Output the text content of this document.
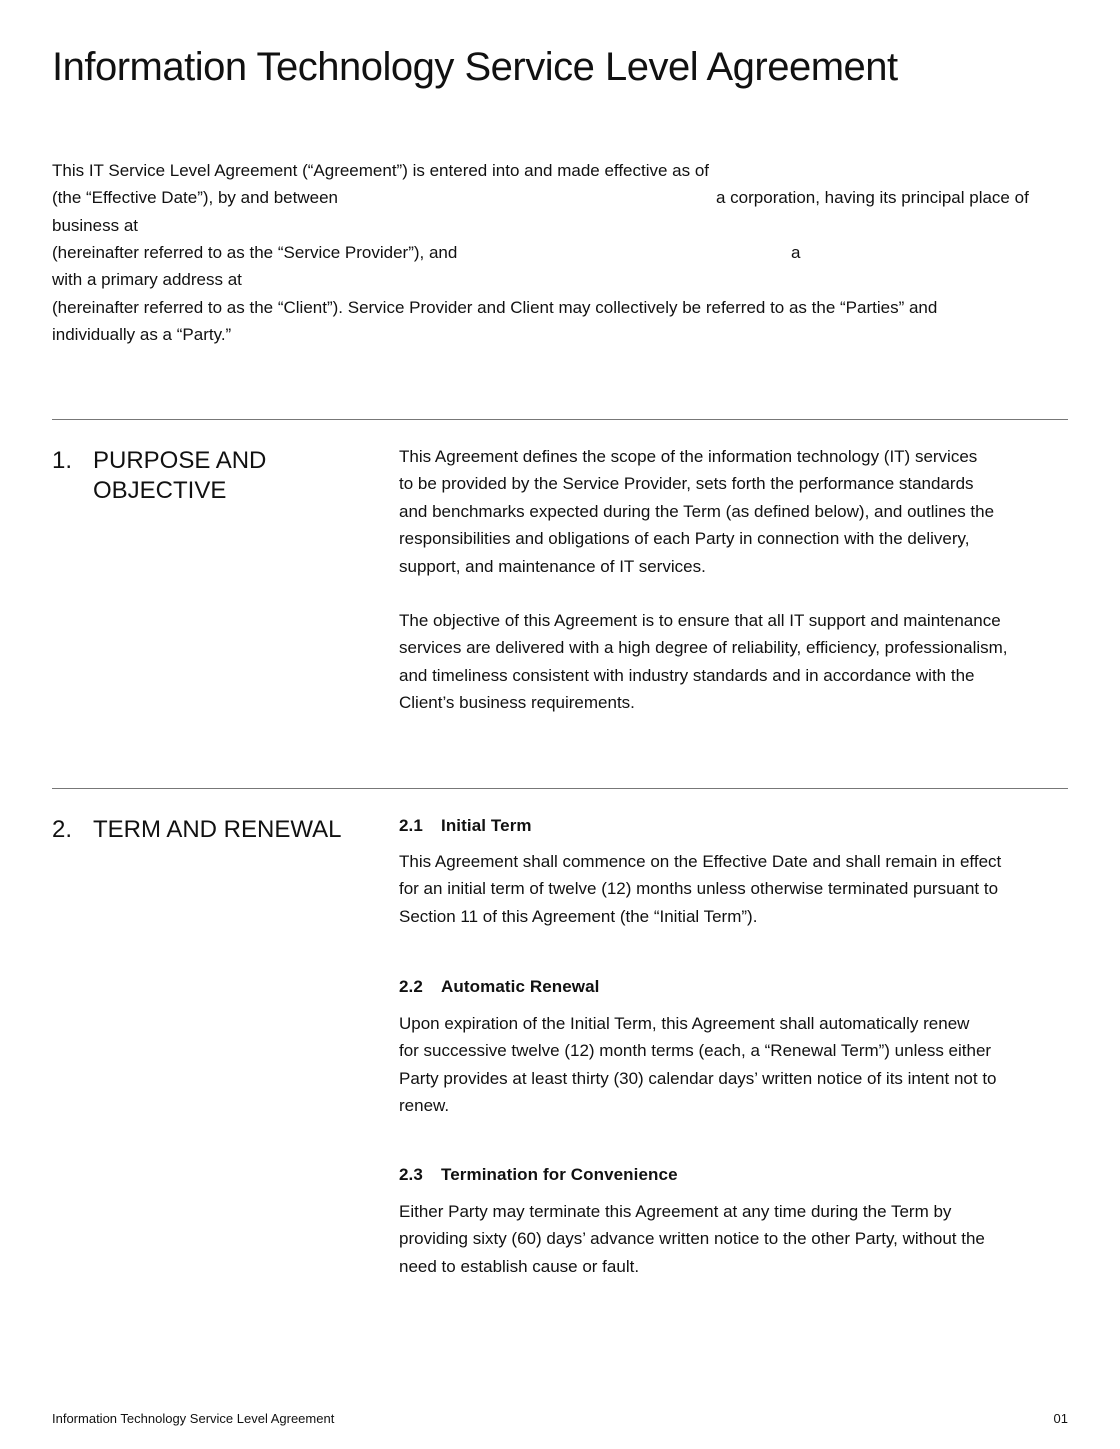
Information Technology Service Level Agreement
This IT Service Level Agreement (“Agreement”) is entered into and made effective as of
(the “Effective Date”), by and between	a corporation, having its principal place of
business at
(hereinafter referred to as the “Service Provider”), and	a
with a primary address at
(hereinafter referred to as the “Client”). Service Provider and Client may collectively be referred to as the “Parties” and
individually as a “Party.”
1. PURPOSE AND
OBJECTIVE

This Agreement defines the scope of the information technology (IT) services

to be provided by the Service Provider, sets forth the performance standards

and benchmarks expected during the Term (as defined below), and outlines the

responsibilities and obligations of each Party in connection with the delivery,

support, and maintenance of IT services.

The objective of this Agreement is to ensure that all IT support and maintenance

services are delivered with a high degree of reliability, efficiency, professionalism,

and timeliness consistent with industry standards and in accordance with the

Client’s business requirements.

2. TERM AND RENEWAL	2.1 Initial Term

This Agreement shall commence on the Effective Date and shall remain in effect

for an initial term of twelve (12) months unless otherwise terminated pursuant to

Section 11 of this Agreement (the “Initial Term”).

2.2 Automatic Renewal

Upon expiration of the Initial Term, this Agreement shall automatically renew

for successive twelve (12) month terms (each, a “Renewal Term”) unless either

Party provides at least thirty (30) calendar days’ written notice of its intent not to

renew.

2.3 Termination for Convenience

Either Party may terminate this Agreement at any time during the Term by

providing sixty (60) days’ advance written notice to the other Party, without the

need to establish cause or fault.

Information Technology Service Level Agreement	01
